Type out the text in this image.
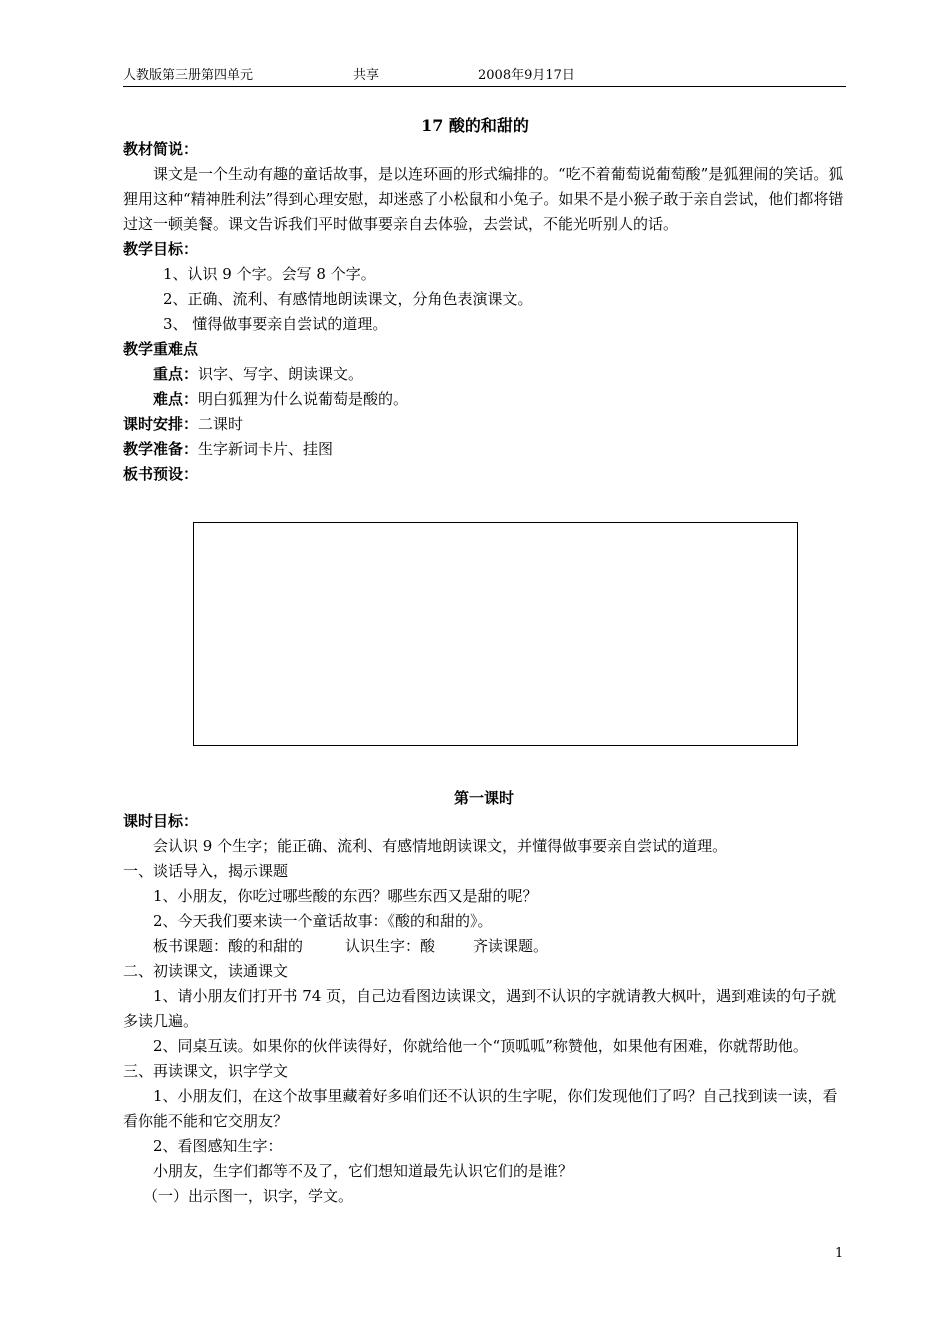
人教版第三册第四单元	共享	2008年9月17日
17 酸的和甜的

教材简说：

课文是一个生动有趣的童话故事，是以连环画的形式编排的。“吃不着葡萄说葡萄酸”是狐狸闹的笑话。狐狸用这种“精神胜利法”得到心理安慰，却迷惑了小松鼠和小兔子。如果不是小猴子敢于亲自尝试，他们都将错过这一顿美餐。课文告诉我们平时做事要亲自去体验，去尝试，不能光听别人的话。

教学目标：

1、认识 9 个字。会写 8 个字。

2、正确、流利、有感情地朗读课文，分角色表演课文。

3、 懂得做事要亲自尝试的道理。

教学重难点

重点：识字、写字、朗读课文。

难点：明白狐狸为什么说葡萄是酸的。

课时安排：二课时

教学准备：生字新词卡片、挂图

板书预设：

第一课时

课时目标：

会认识 9 个生字；能正确、流利、有感情地朗读课文，并懂得做事要亲自尝试的道理。

一、谈话导入，揭示课题

1、小朋友，你吃过哪些酸的东西？哪些东西又是甜的呢？

2、今天我们要来读一个童话故事：《酸的和甜的》。

板书课题：酸的和甜的	认识生字：酸	齐读课题。

二、初读课文，读通课文

1、请小朋友们打开书 74 页，自己边看图边读课文，遇到不认识的字就请教大枫叶，遇到难读的句子就多读几遍。

2、同桌互读。如果你的伙伴读得好，你就给他一个“顶呱呱”称赞他，如果他有困难，你就帮助他。

三、再读课文，识字学文

1、小朋友们，在这个故事里藏着好多咱们还不认识的生字呢，你们发现他们了吗？自己找到读一读，看看你能不能和它交朋友？

2、看图感知生字：

小朋友，生字们都等不及了，它们想知道最先认识它们的是谁？

（一）出示图一，识字，学文。

1
